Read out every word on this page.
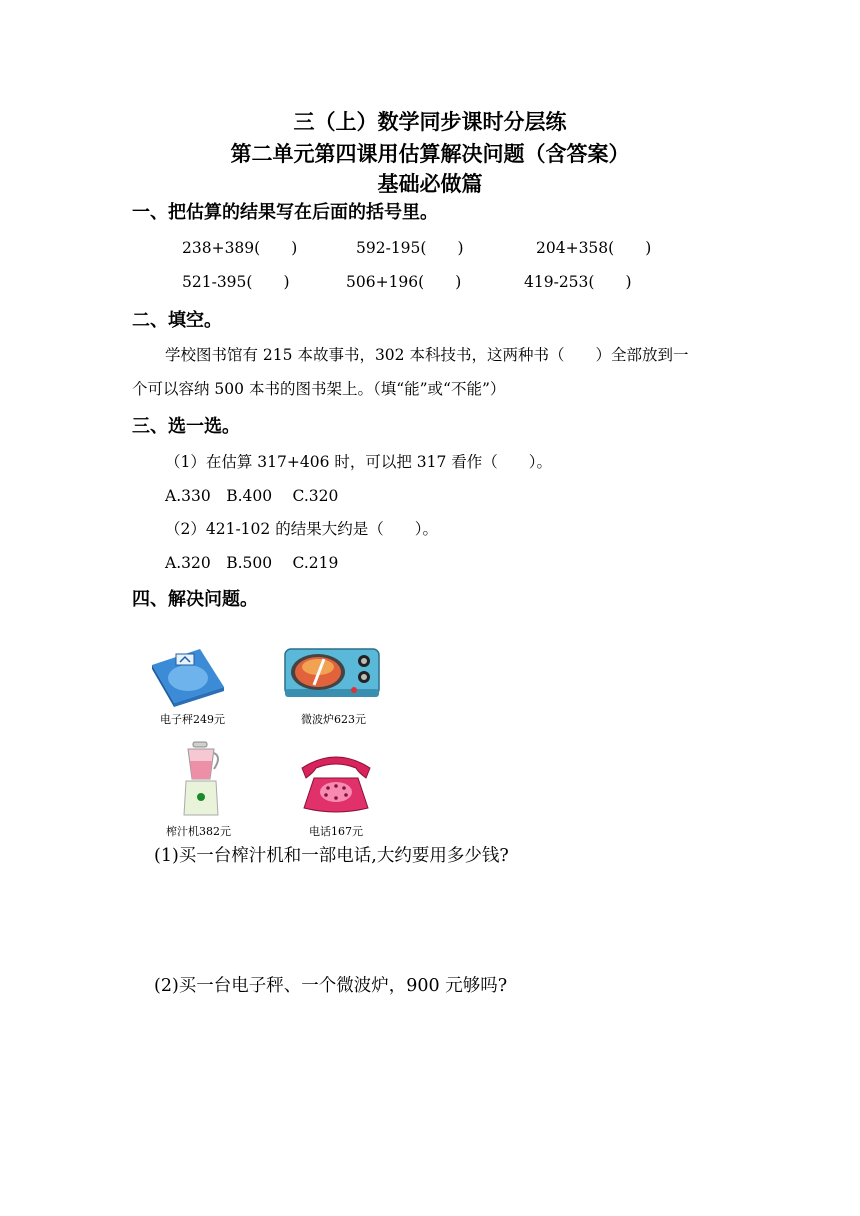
三（上）数学同步课时分层练
第二单元第四课用估算解决问题（含答案）
基础必做篇
一、把估算的结果写在后面的括号里。
238+389(　　)	592-195(　　)	204+358(　　)
521-395(　　)	506+196(　　)	419-253(　　)
二、填空。
学校图书馆有 215 本故事书，302 本科技书，这两种书（　　）全部放到一
个可以容纳 500 本书的图书架上。（填“能”或“不能”）
三、选一选。
（1）在估算 317+406 时，可以把 317 看作（　　）。
A.330　B.400　 C.320
（2）421-102 的结果大约是（　　）。
A.320　B.500　 C.219
四、解决问题。
电子秤249元	微波炉623元
榨汁机382元	电话167元
(1)买一台榨汁机和一部电话,大约要用多少钱?
(2)买一台电子秤、一个微波炉，900 元够吗?
